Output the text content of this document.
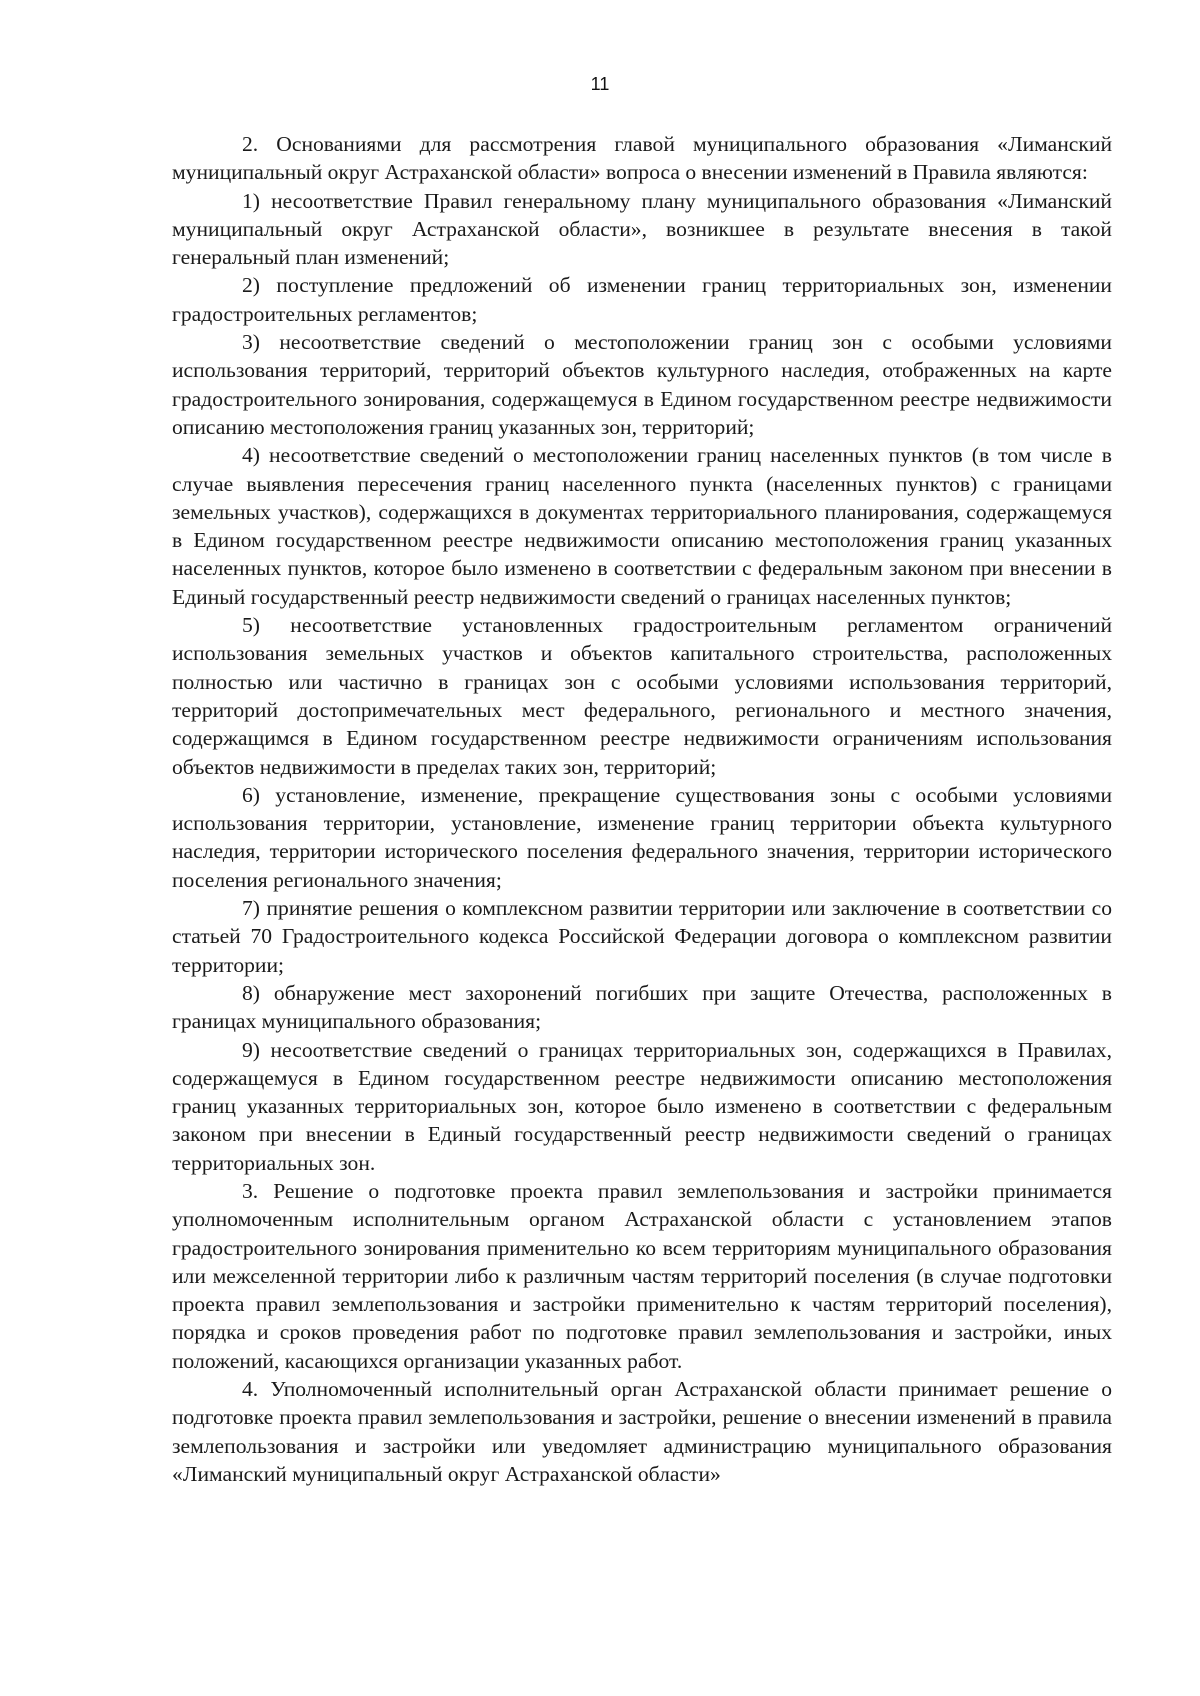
11

2. Основаниями для рассмотрения главой муниципального образования «Лиманский муниципальный округ Астраханской области» вопроса о внесении изменений в Правила являются:

1) несоответствие Правил генеральному плану муниципального образования «Лиманский муниципальный округ Астраханской области», возникшее в результате внесения в такой генеральный план изменений;

2) поступление предложений об изменении границ территориальных зон, изменении градостроительных регламентов;

3) несоответствие сведений о местоположении границ зон с особыми условиями использования территорий, территорий объектов культурного наследия, отображенных на карте градостроительного зонирования, содержащемуся в Едином государственном реестре недвижимости описанию местоположения границ указанных зон, территорий;

4) несоответствие сведений о местоположении границ населенных пунктов (в том числе в случае выявления пересечения границ населенного пункта (населенных пунктов) с границами земельных участков), содержащихся в документах территориального планирования, содержащемуся в Едином государственном реестре недвижимости описанию местоположения границ указанных населенных пунктов, которое было изменено в соответствии с федеральным законом при внесении в Единый государственный реестр недвижимости сведений о границах населенных пунктов;

5) несоответствие установленных градостроительным регламентом ограничений использования земельных участков и объектов капитального строительства, расположенных полностью или частично в границах зон с особыми условиями использования территорий, территорий достопримечательных мест федерального, регионального и местного значения, содержащимся в Едином государственном реестре недвижимости ограничениям использования объектов недвижимости в пределах таких зон, территорий;

6) установление, изменение, прекращение существования зоны с особыми условиями использования территории, установление, изменение границ территории объекта культурного наследия, территории исторического поселения федерального значения, территории исторического поселения регионального значения;

7) принятие решения о комплексном развитии территории или заключение в соответствии со статьей 70 Градостроительного кодекса Российской Федерации договора о комплексном развитии территории;

8) обнаружение мест захоронений погибших при защите Отечества, расположенных в границах муниципального образования;

9) несоответствие сведений о границах территориальных зон, содержащихся в Правилах, содержащемуся в Едином государственном реестре недвижимости описанию местоположения границ указанных территориальных зон, которое было изменено в соответствии с федеральным законом при внесении в Единый государственный реестр недвижимости сведений о границах территориальных зон.

3. Решение о подготовке проекта правил землепользования и застройки принимается уполномоченным исполнительным органом Астраханской области с установлением этапов градостроительного зонирования применительно ко всем территориям муниципального образования или межселенной территории либо к различным частям территорий поселения (в случае подготовки проекта правил землепользования и застройки применительно к частям территорий поселения), порядка и сроков проведения работ по подготовке правил землепользования и застройки, иных положений, касающихся организации указанных работ.

4. Уполномоченный исполнительный орган Астраханской области принимает решение о подготовке проекта правил землепользования и застройки, решение о внесении изменений в правила землепользования и застройки или уведомляет администрацию муниципального образования «Лиманский муниципальный округ Астраханской области»
